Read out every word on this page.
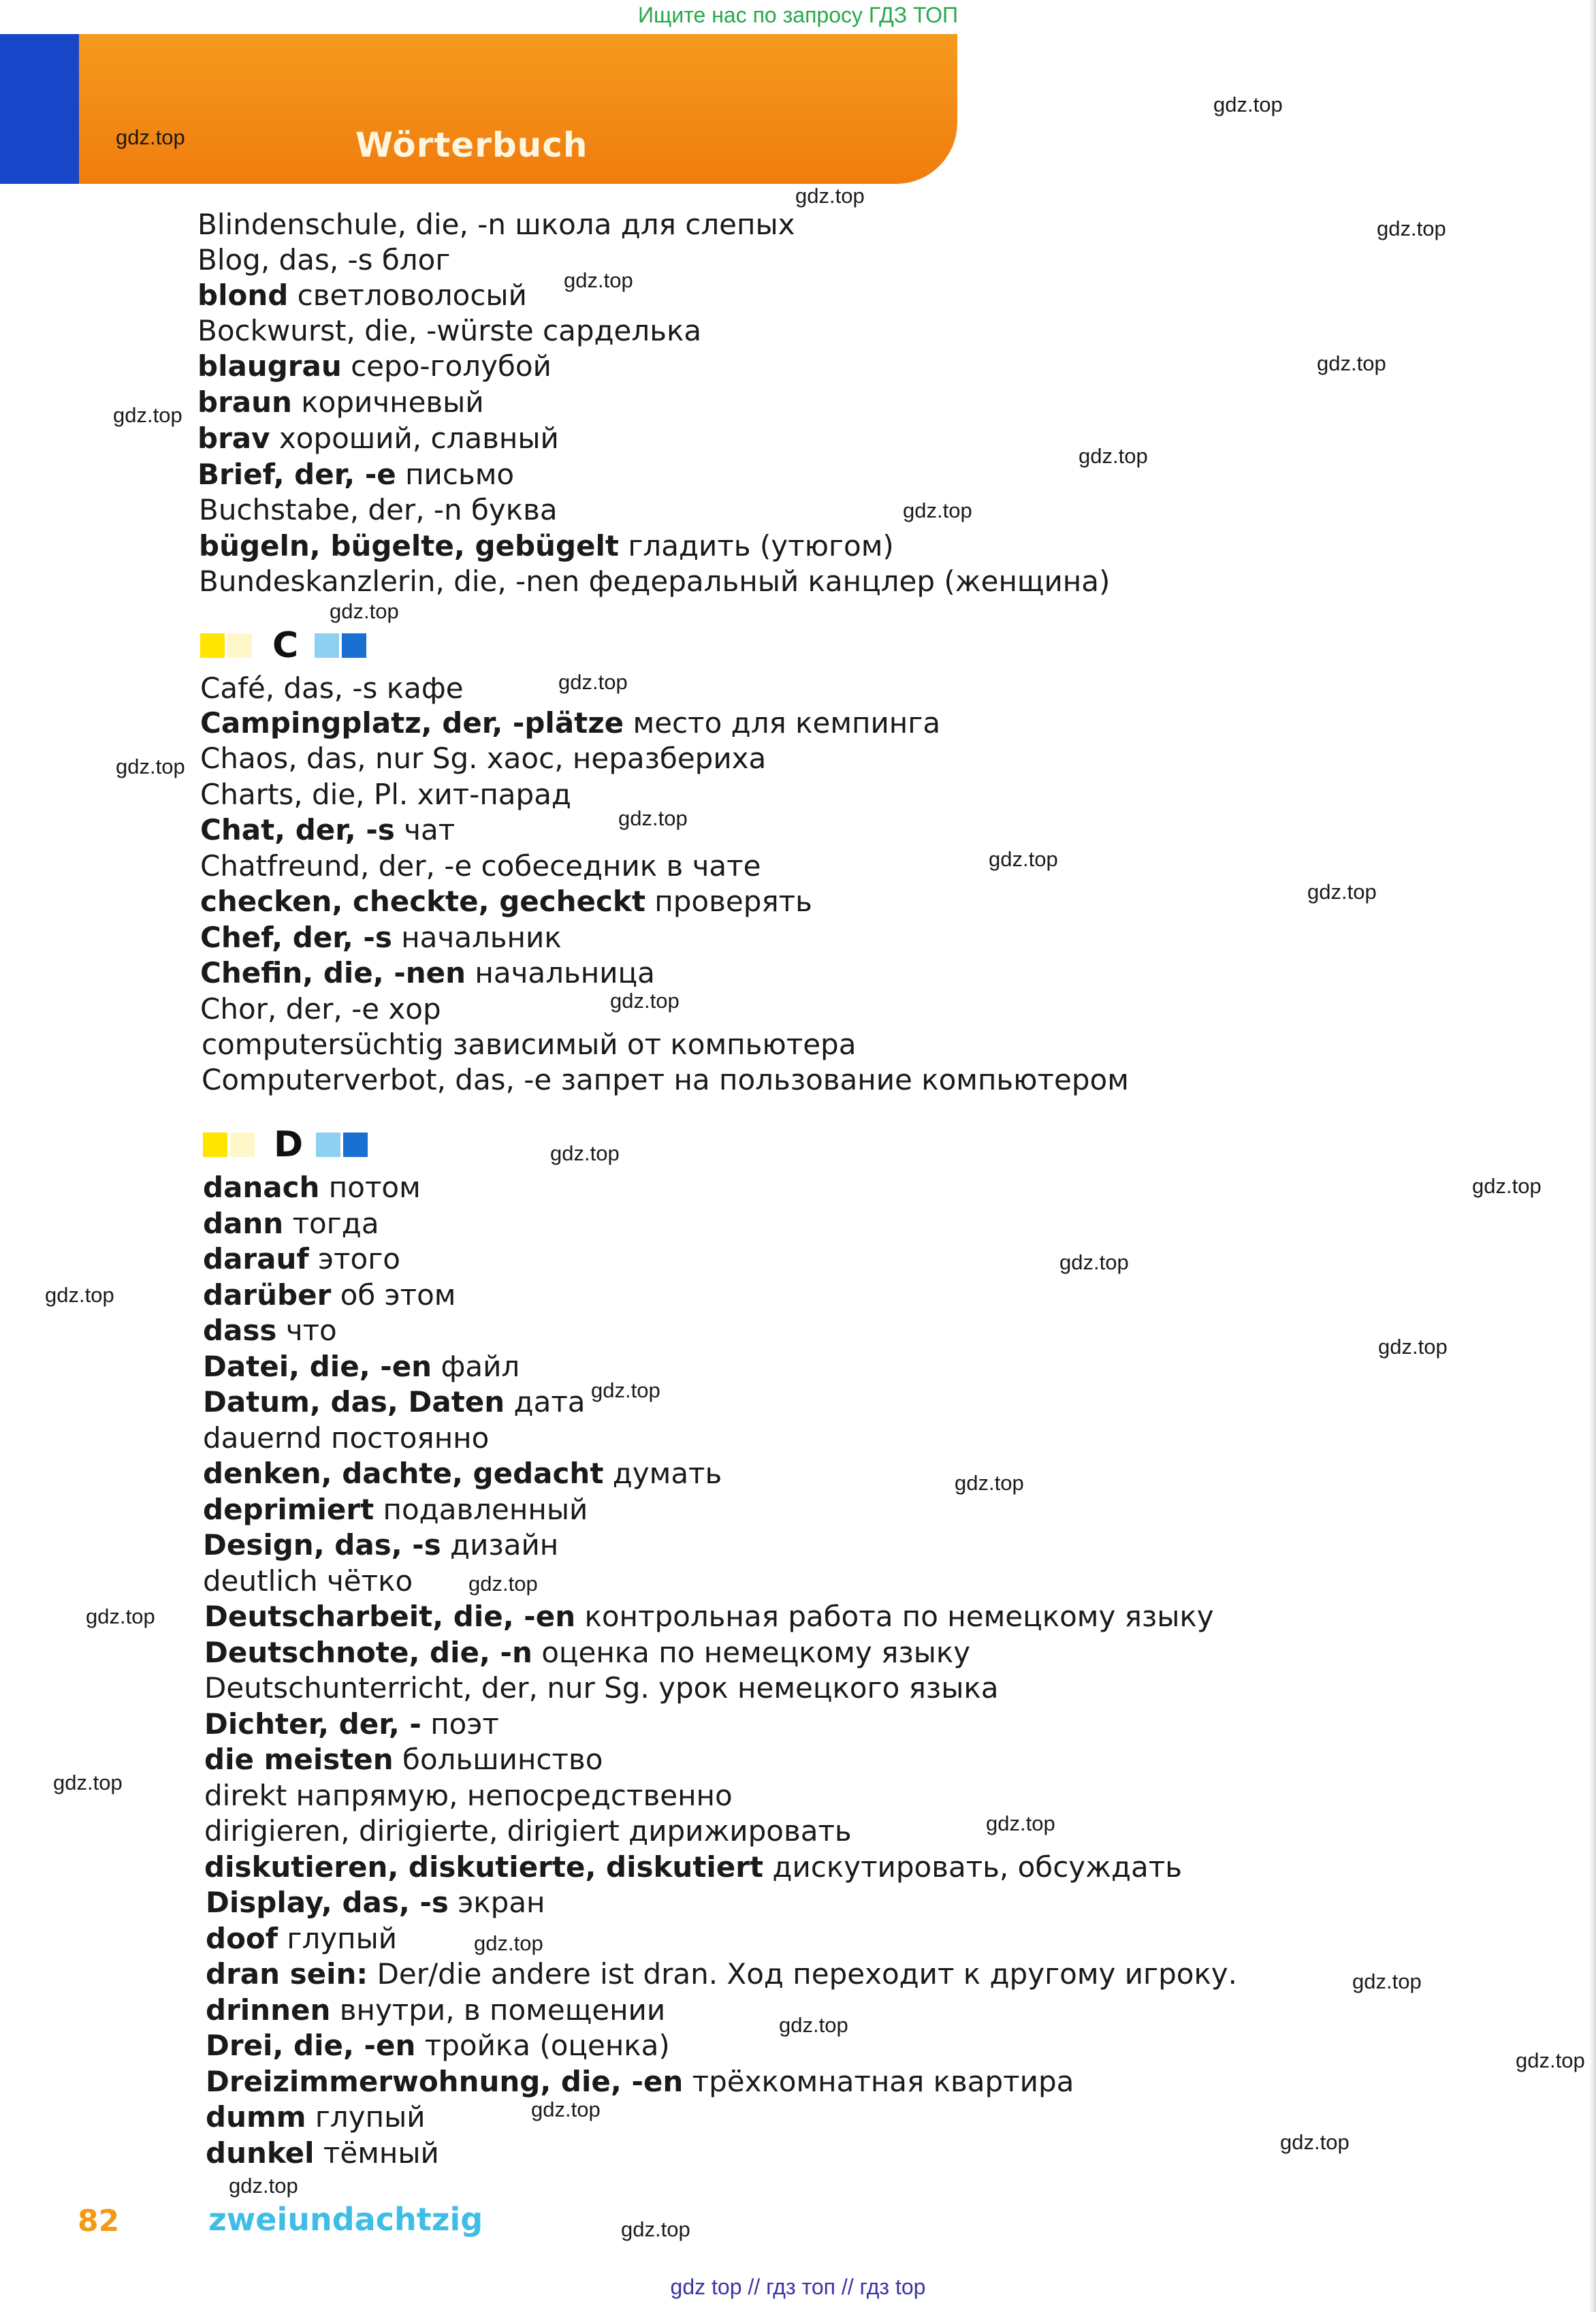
Ищите нас по запросу ГДЗ ТОП
Wörterbuch
Blindenschule, die, -n школа для слепых
Blog, das, -s блог
blond светловолосый
Bockwurst, die, -würste сарделька
blaugrau серо-голубой
braun коричневый
brav хороший, славный
Brief, der, -e письмо
Buchstabe, der, -n буква
bügeln, bügelte, gebügelt гладить (утюгом)
Bundeskanzlerin, die, -nen федеральный канцлер (женщина)
C
Café, das, -s кафе
Campingplatz, der, -plätze место для кемпинга
Chaos, das, nur Sg. хаос, неразбериха
Charts, die, Pl. хит-парад
Chat, der, -s чат
Chatfreund, der, -e собеседник в чате
checken, checkte, gecheckt проверять
Chef, der, -s начальник
Chefin, die, -nen начальница
Chor, der, -e хор
computersüchtig зависимый от компьютера
Computerverbot, das, -e запрет на пользование компьютером
D
danach потом
dann тогда
darauf этого
darüber об этом
dass что
Datei, die, -en файл
Datum, das, Daten дата
dauernd постоянно
denken, dachte, gedacht думать
deprimiert подавленный
Design, das, -s дизайн
deutlich чётко
Deutscharbeit, die, -en контрольная работа по немецкому языку
Deutschnote, die, -n оценка по немецкому языку
Deutschunterricht, der, nur Sg. урок немецкого языка
Dichter, der, - поэт
die meisten большинство
direkt напрямую, непосредственно
dirigieren, dirigierte, dirigiert дирижировать
diskutieren, diskutierte, diskutiert дискутировать, обсуждать
Display, das, -s экран
doof глупый
dran sein: Der/die andere ist dran. Ход переходит к другому игроку.
drinnen внутри, в помещении
Drei, die, -en тройка (оценка)
Dreizimmerwohnung, die, -en трёхкомнатная квартира
dumm глупый
dunkel тёмный
gdz.top
gdz.top
gdz.top
gdz.top
gdz.top
gdz.top
gdz.top
gdz.top
gdz.top
gdz.top
gdz.top
gdz.top
gdz.top
gdz.top
gdz.top
gdz.top
gdz.top
gdz.top
gdz.top
gdz.top
gdz.top
gdz.top
gdz.top
gdz.top
gdz.top
gdz.top
gdz.top
gdz.top
gdz.top
gdz.top
gdz.top
gdz.top
gdz.top
gdz.top
gdz.top
82	zweiundachtzig
gdz top // гдз топ // гдз top
